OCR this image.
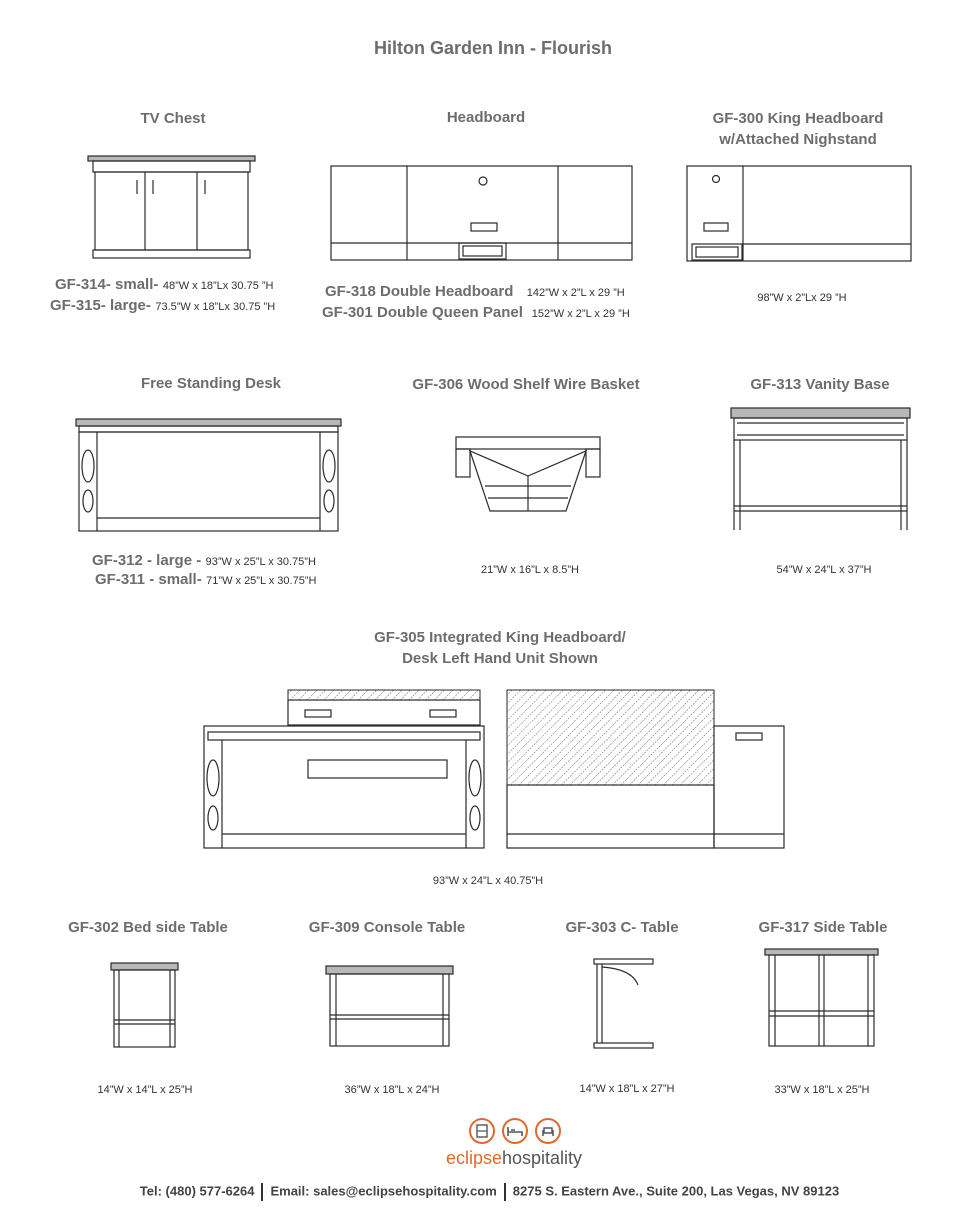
Hilton Garden Inn - Flourish
TV Chest
GF-314- small- 48”W x 18”Lx 30.75 ”H
GF-315- large- 73.5”W x 18”Lx 30.75 ”H
Headboard
GF-318 Double Headboard 142”W x 2”L x 29 ”H
GF-301 Double Queen Panel 152”W x 2”L x 29 ”H
GF-300 King Headboard
w/Attached Nighstand
98”W x 2”Lx 29 ”H
Free Standing Desk
GF-312 - large - 93”W x 25”L x 30.75”H
GF-311 - small- 71”W x 25”L x 30.75”H
GF-306 Wood Shelf Wire Basket
21”W x 16”L x 8.5”H
GF-313 Vanity Base
54”W x 24”L x 37”H
GF-305 Integrated King Headboard/
Desk Left Hand Unit Shown
93”W x 24”L x 40.75”H
GF-302 Bed side Table
14”W x 14”L x 25”H
GF-309 Console Table
36”W x 18”L x 24”H
GF-303 C- Table
14”W x 18”L x 27”H
GF-317 Side Table
33”W x 18”L x 25”H
eclipsehospitality
Tel: (480) 577-6264 Email: sales@eclipsehospitality.com 8275 S. Eastern Ave., Suite 200, Las Vegas, NV 89123
